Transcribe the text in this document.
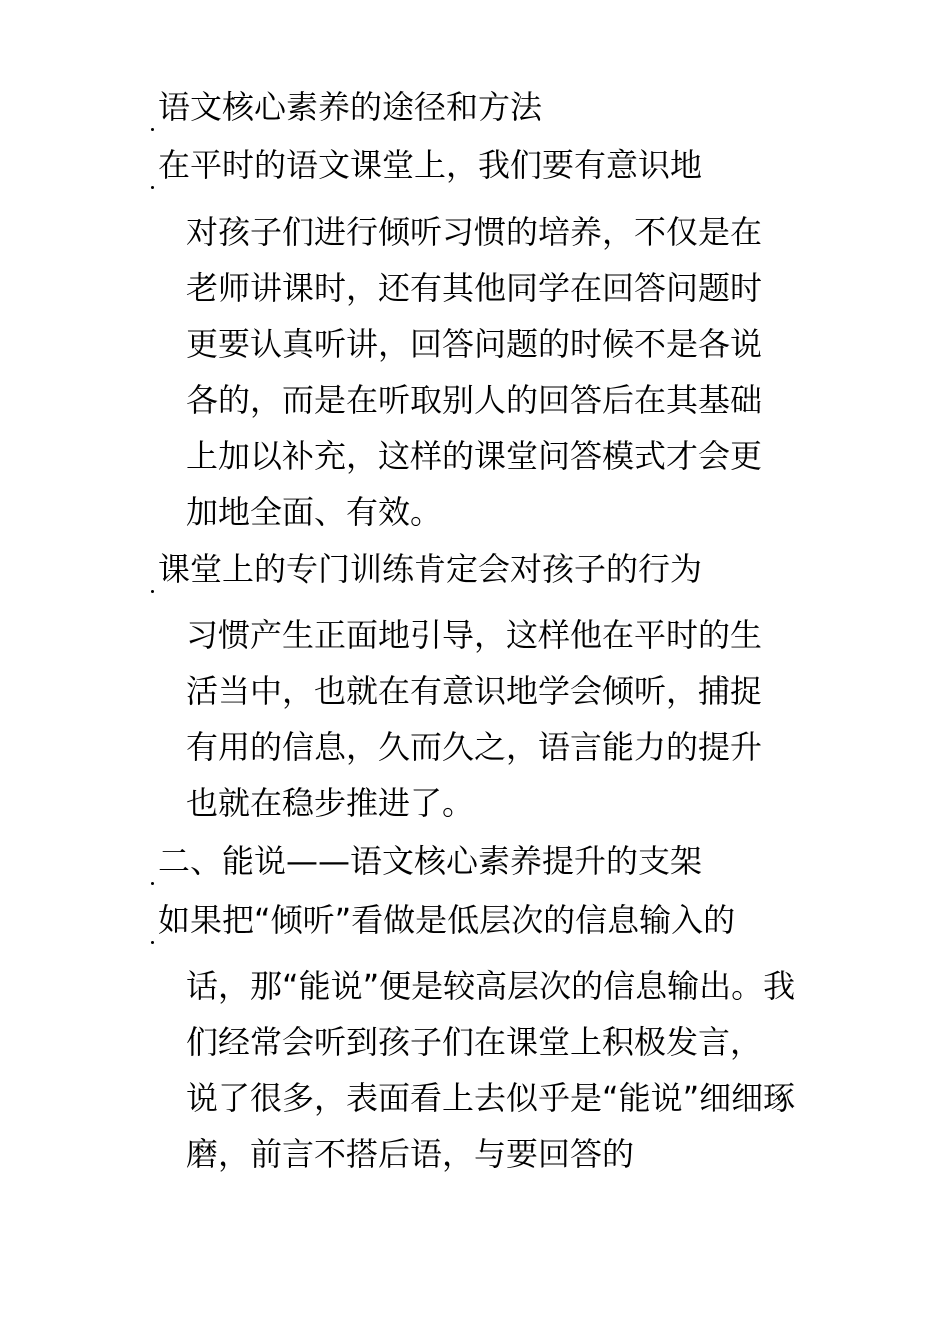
语文核心素养的途径和方法
在平时的语文课堂上，我们要有意识地
对孩子们进行倾听习惯的培养，不仅是在
老师讲课时，还有其他同学在回答问题时
更要认真听讲，回答问题的时候不是各说
各的，而是在听取别人的回答后在其基础
上加以补充，这样的课堂问答模式才会更
加地全面、有效。
课堂上的专门训练肯定会对孩子的行为
习惯产生正面地引导，这样他在平时的生
活当中，也就在有意识地学会倾听，捕捉
有用的信息，久而久之，语言能力的提升
也就在稳步推进了。
二、能说——语文核心素养提升的支架
如果把“倾听”看做是低层次的信息输入的
话，那“能说”便是较高层次的信息输出。我
们经常会听到孩子们在课堂上积极发言，
说了很多，表面看上去似乎是“能说”细细琢
磨，前言不搭后语，与要回答的
